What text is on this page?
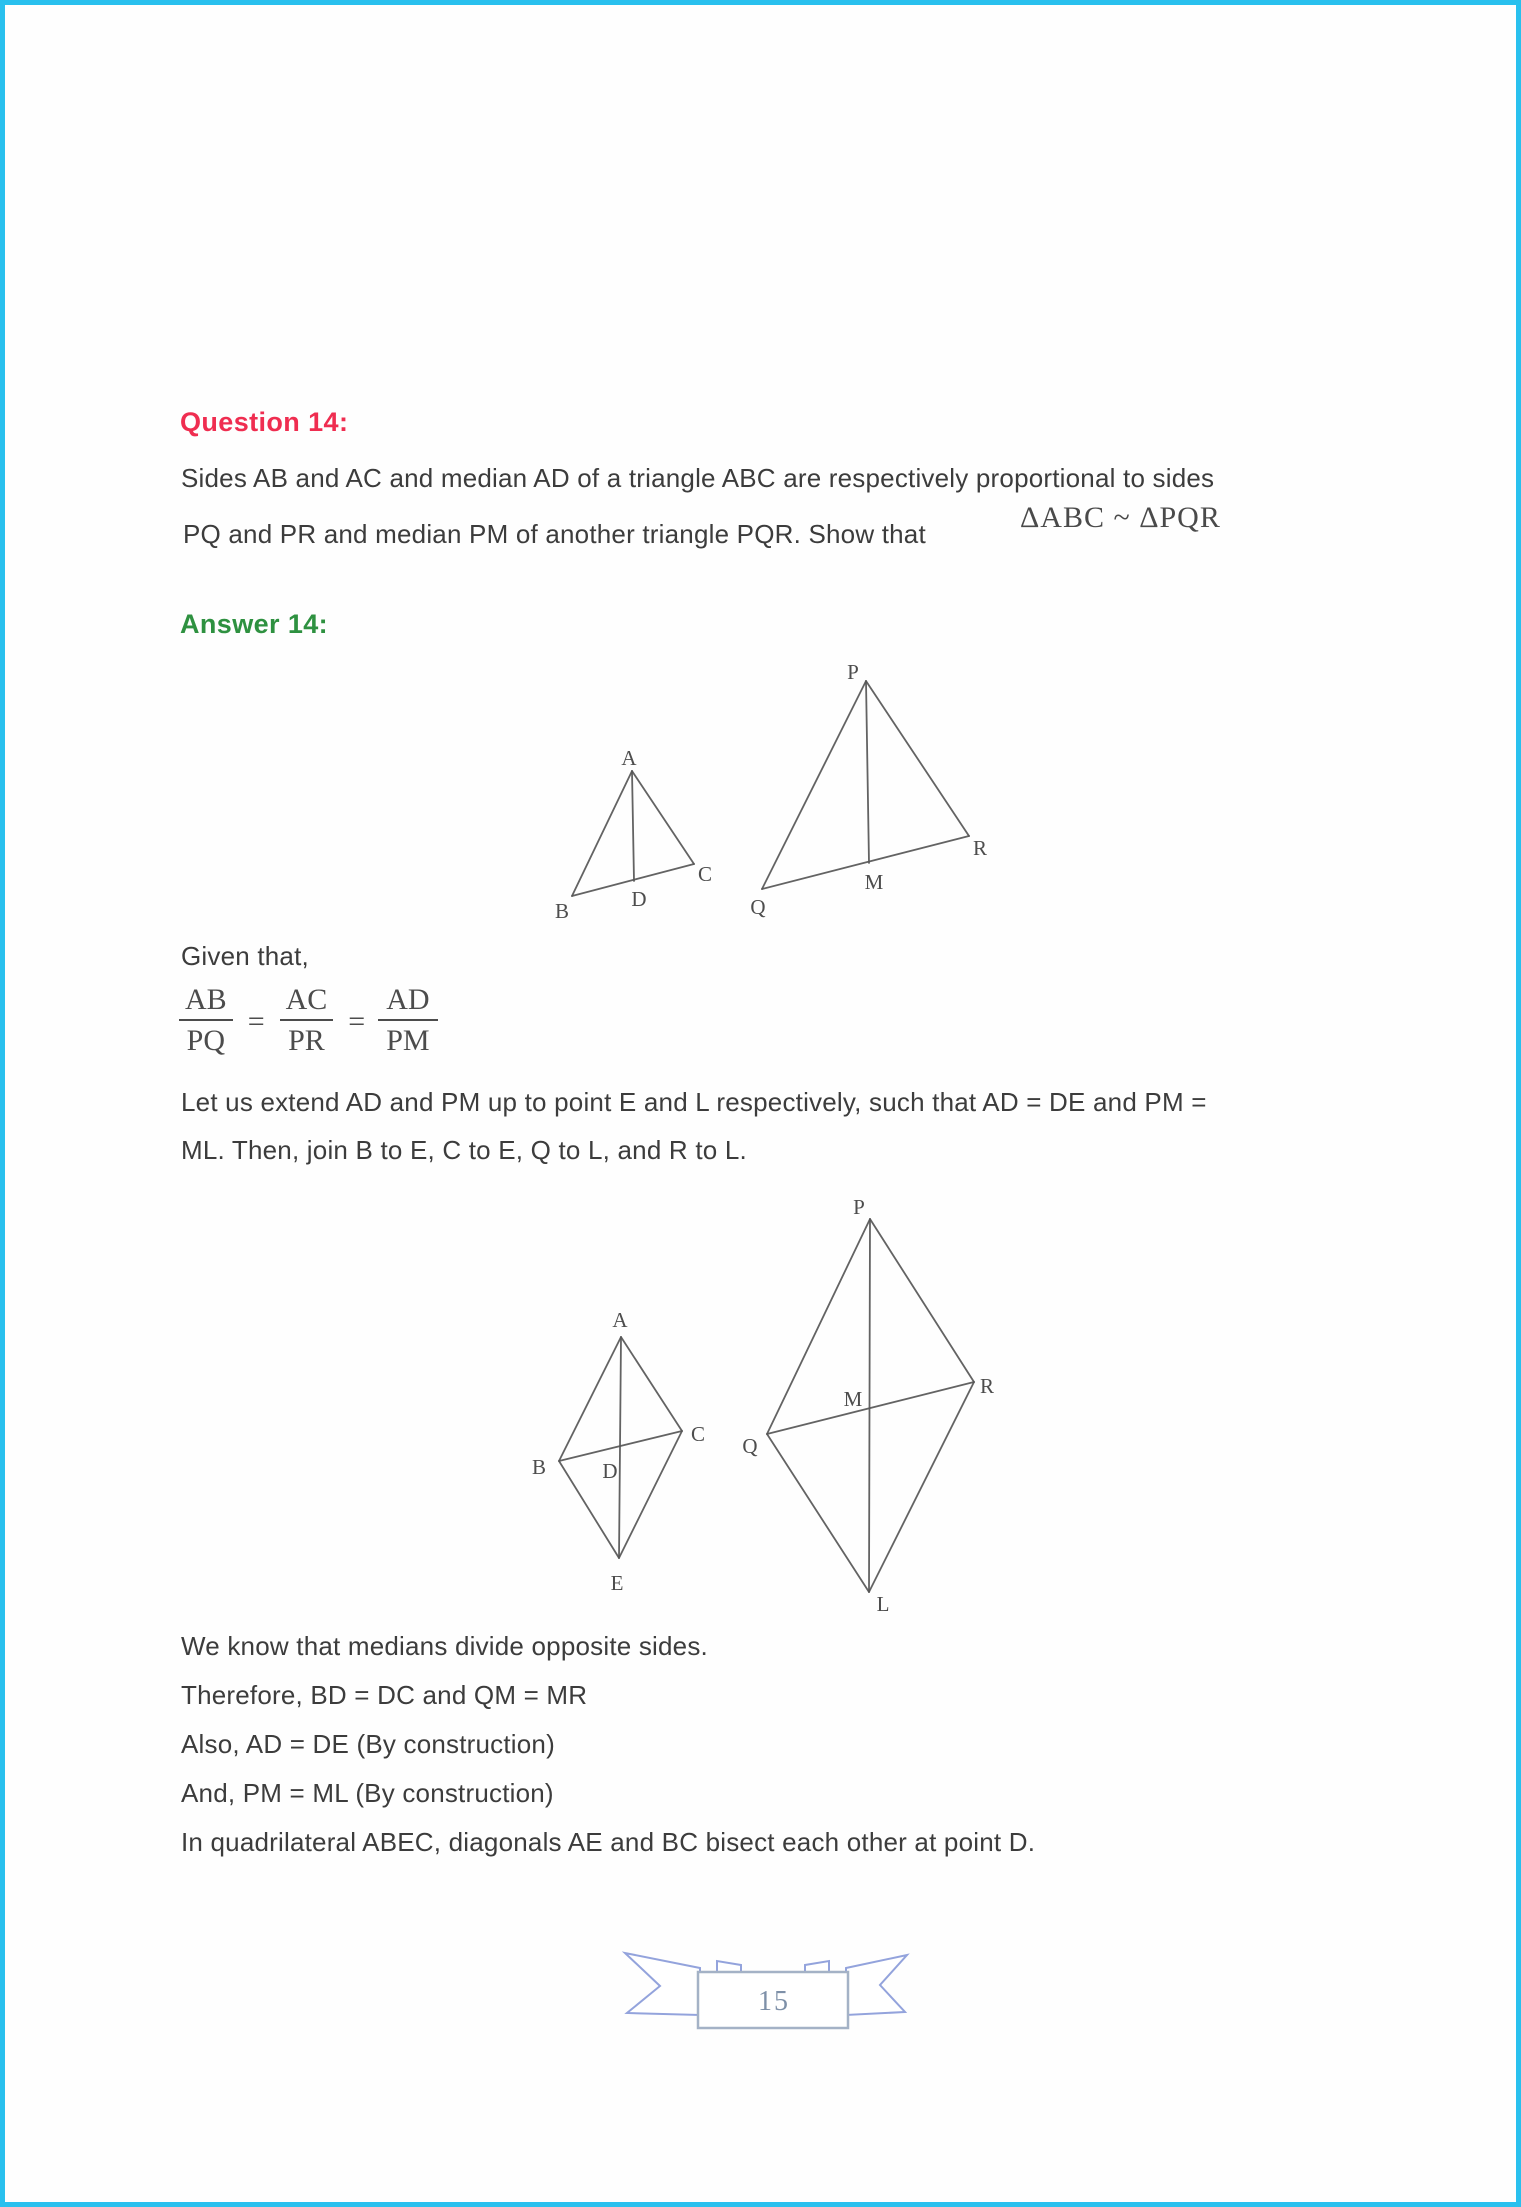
Question 14:
Sides AB and AC and median AD of a triangle ABC are respectively proportional to sides
PQ and PR and median PM of another triangle PQR. Show that	ΔABC ~ ΔPQR
Answer 14:
A
B
C
D
P
Q
R
M
Given that,
$\frac{AB}{PQ} = \frac{AC}{PR} = \frac{AD}{PM}$
Let us extend AD and PM up to point E and L respectively, such that AD = DE and PM =
ML. Then, join B to E, C to E, Q to L, and R to L.
A
B
C
D
E
P
Q
R
M
L
We know that medians divide opposite sides.
Therefore, BD = DC and QM = MR
Also, AD = DE (By construction)
And, PM = ML (By construction)
In quadrilateral ABEC, diagonals AE and BC bisect each other at point D.
15
